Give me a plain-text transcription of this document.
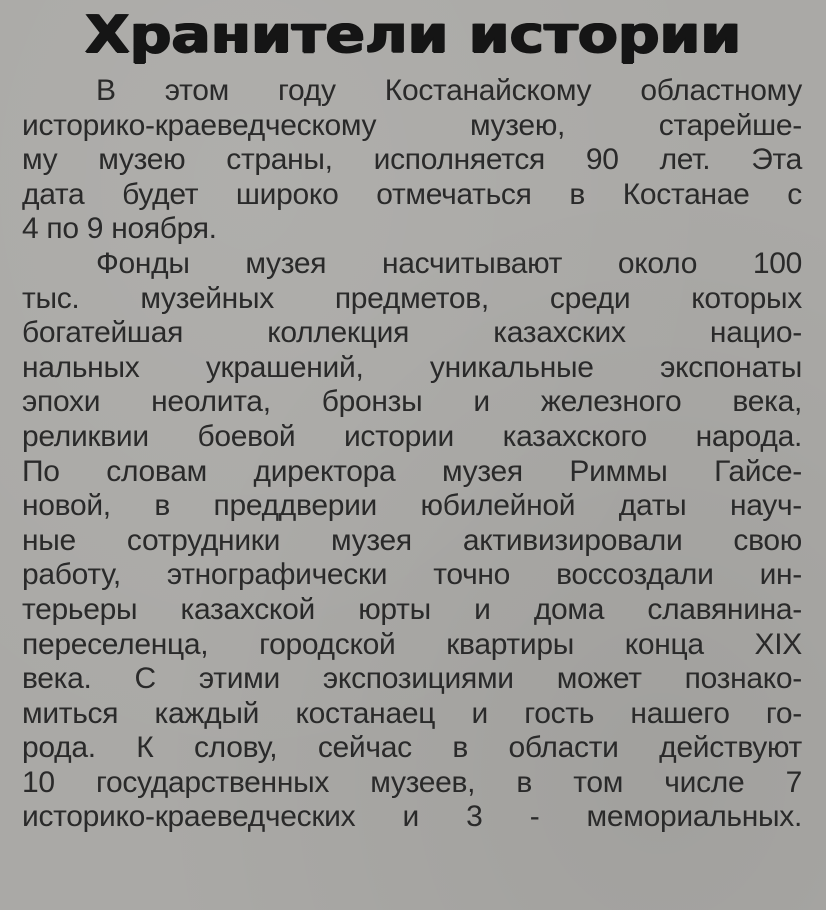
Хранители истории
В этом году Костанайскому областному
историко-краеведческому музею, старейше-
му музею страны, исполняется 90 лет. Эта
дата будет широко отмечаться в Костанае с
4 по 9 ноября.
Фонды музея насчитывают около 100
тыс. музейных предметов, среди которых
богатейшая коллекция казахских нацио-
нальных украшений, уникальные экспонаты
эпохи неолита, бронзы и железного века,
реликвии боевой истории казахского народа.
По словам директора музея Риммы Гайсе-
новой, в преддверии юбилейной даты науч-
ные сотрудники музея активизировали свою
работу, этнографически точно воссоздали ин-
терьеры казахской юрты и дома славянина-
переселенца, городской квартиры конца XIX
века. С этими экспозициями может познако-
миться каждый костанаец и гость нашего го-
рода. К слову, сейчас в области действуют
10 государственных музеев, в том числе 7
историко-краеведческих и 3 - мемориальных.
